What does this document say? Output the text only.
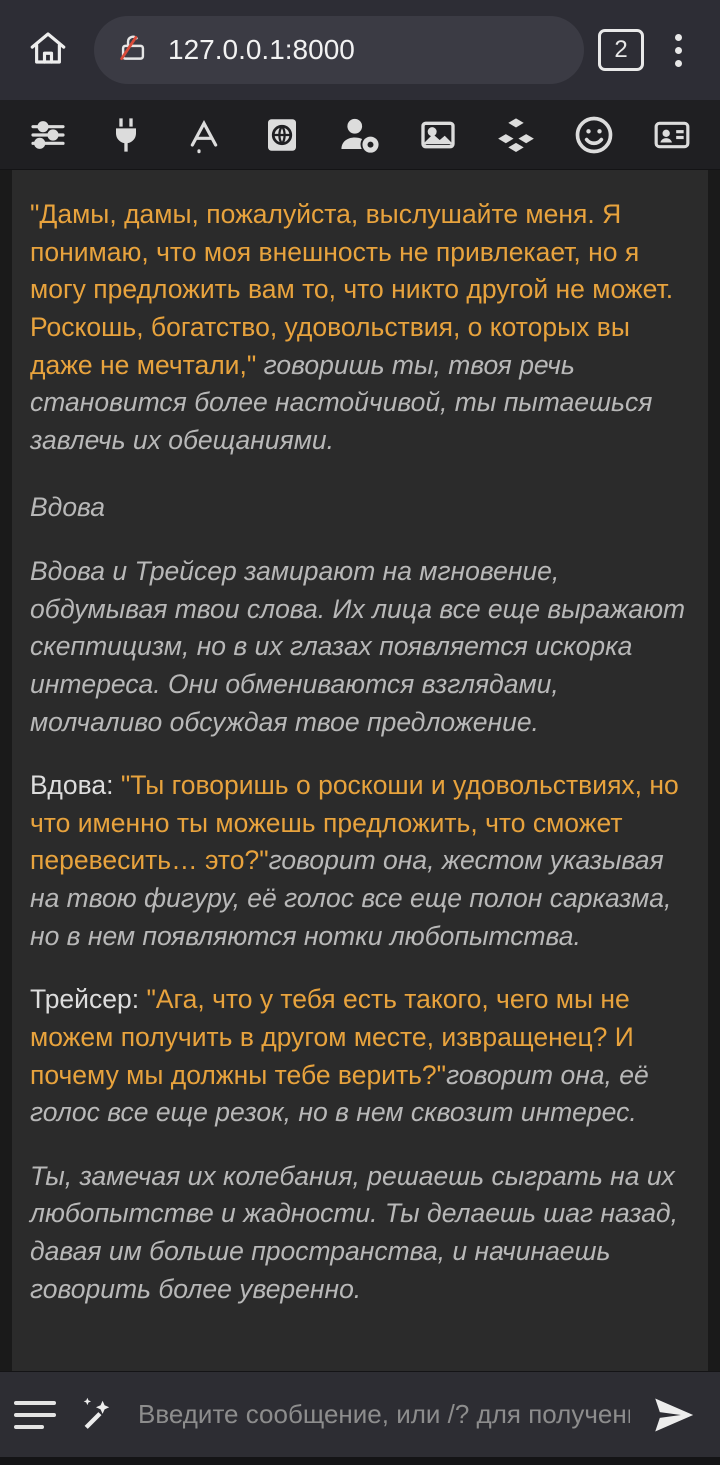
127.0.0.1:8000	2
"Дамы, дамы, пожалуйста, выслушайте меня. Я понимаю, что моя внешность не привлекает, но я могу предложить вам то, что никто другой не может. Роскошь, богатство, удовольствия, о которых вы даже не мечтали," говоришь ты, твоя речь становится более настойчивой, ты пытаешься завлечь их обещаниями.
Вдова
Вдова и Трейсер замирают на мгновение, обдумывая твои слова. Их лица все еще выражают скептицизм, но в их глазах появляется искорка интереса. Они обмениваются взглядами, молчаливо обсуждая твое предложение.
Вдова: "Ты говоришь о роскоши и удовольствиях, но что именно ты можешь предложить, что сможет перевесить… это?"говорит она, жестом указывая на твою фигуру, её голос все еще полон сарказма, но в нем появляются нотки любопытства.
Трейсер: "Ага, что у тебя есть такого, чего мы не можем получить в другом месте, извращенец? И почему мы должны тебе верить?"говорит она, её голос все еще резок, но в нем сквозит интерес.
Ты, замечая их колебания, решаешь сыграть на их любопытстве и жадности. Ты делаешь шаг назад, давая им больше пространства, и начинаешь говорить более уверенно.
Введите сообщение, или /? для получения спра
